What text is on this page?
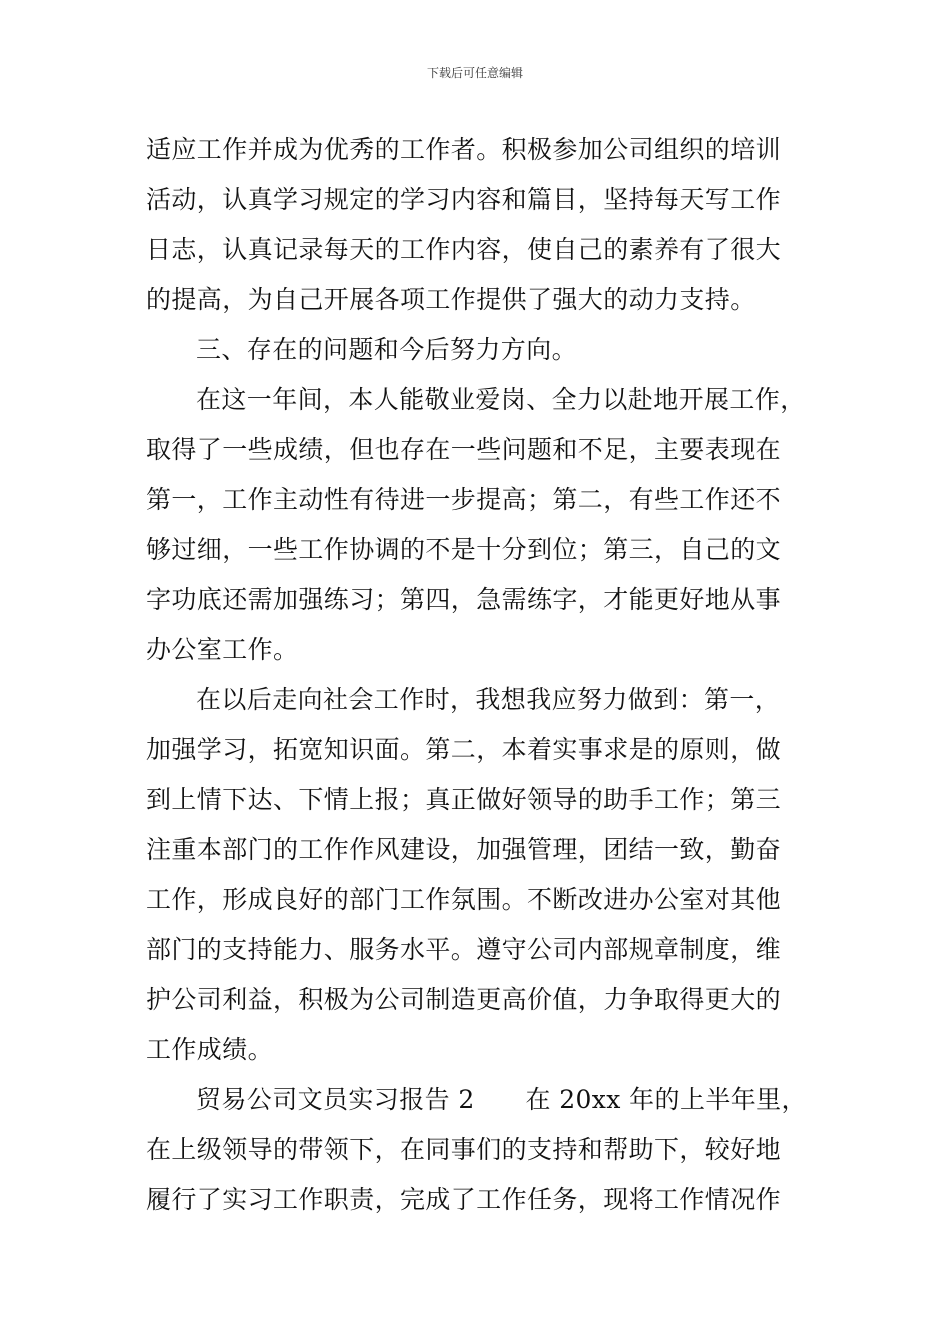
下载后可任意编辑
适应工作并成为优秀的工作者。积极参加公司组织的培训
活动，认真学习规定的学习内容和篇目，坚持每天写工作
日志，认真记录每天的工作内容，使自己的素养有了很大
的提高，为自己开展各项工作提供了强大的动力支持。
三、存在的问题和今后努力方向。
在这一年间，本人能敬业爱岗、全力以赴地开展工作，
取得了一些成绩，但也存在一些问题和不足，主要表现在
第一，工作主动性有待进一步提高；第二，有些工作还不
够过细，一些工作协调的不是十分到位；第三，自己的文
字功底还需加强练习；第四，急需练字，才能更好地从事
办公室工作。
在以后走向社会工作时，我想我应努力做到：第一，
加强学习，拓宽知识面。第二，本着实事求是的原则，做
到上情下达、下情上报；真正做好领导的助手工作；第三
注重本部门的工作作风建设，加强管理，团结一致，勤奋
工作，形成良好的部门工作氛围。不断改进办公室对其他
部门的支持能力、服务水平。遵守公司内部规章制度，维
护公司利益，积极为公司制造更高价值，力争取得更大的
工作成绩。
贸易公司文员实习报告 2　　在 20xx 年的上半年里，
在上级领导的带领下，在同事们的支持和帮助下，较好地
履行了实习工作职责，完成了工作任务，现将工作情况作
